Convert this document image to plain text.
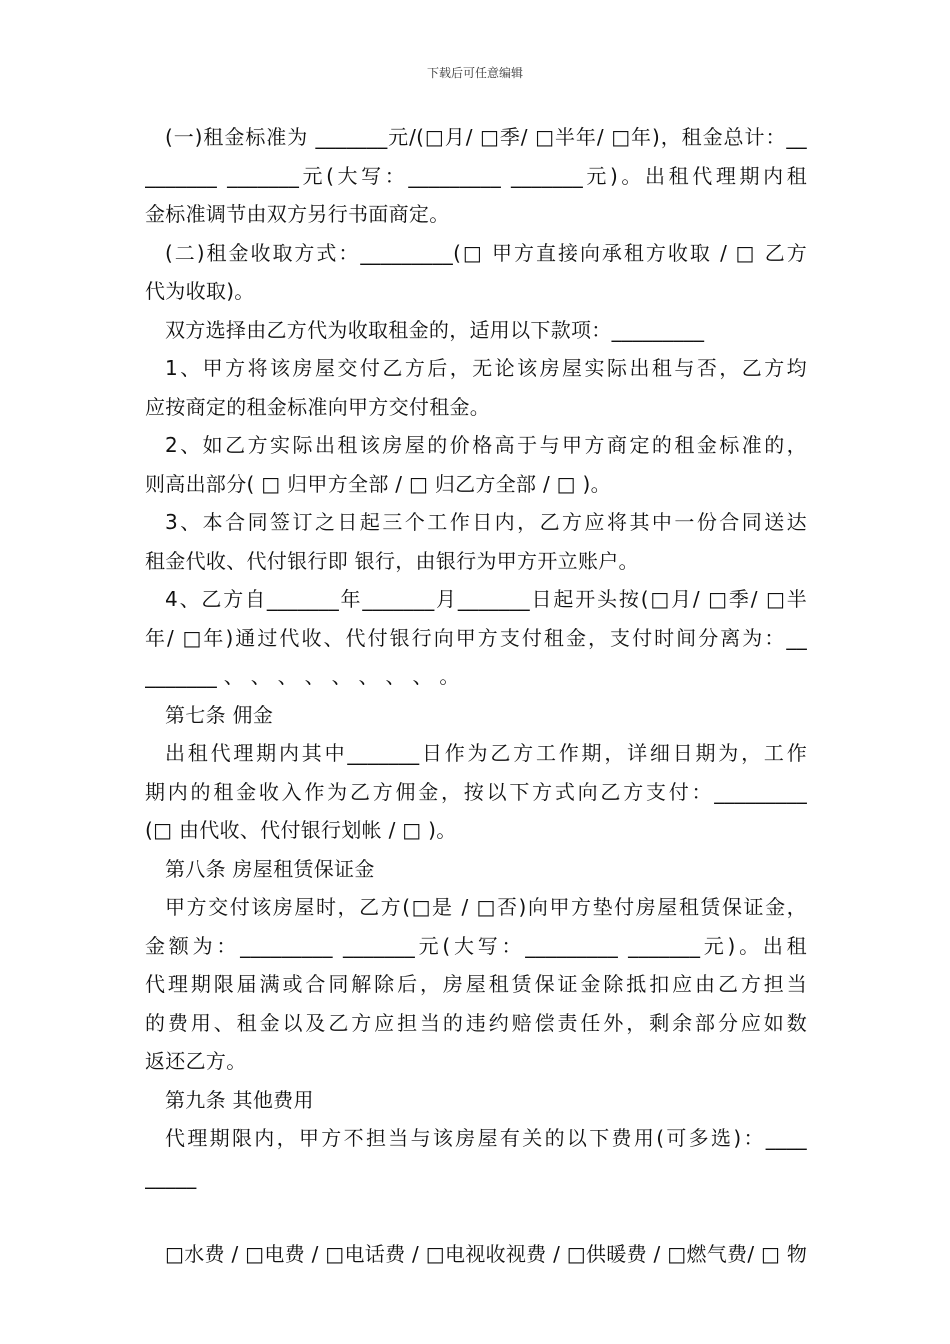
下载后可任意编辑
(一)租金标准为 _______元/(□月/ □季/ □半年/ □年)，租金总计：__
_______ _______元(大写：_________ _______元)。出租代理期内租
金标准调节由双方另行书面商定。
(二)租金收取方式：_________(□ 甲方直接向承租方收取 / □ 乙方
代为收取)。
双方选择由乙方代为收取租金的，适用以下款项：_________
1、甲方将该房屋交付乙方后，无论该房屋实际出租与否，乙方均
应按商定的租金标准向甲方交付租金。
2、如乙方实际出租该房屋的价格高于与甲方商定的租金标准的，
则高出部分( □ 归甲方全部 / □ 归乙方全部 / □ )。
3、本合同签订之日起三个工作日内，乙方应将其中一份合同送达
租金代收、代付银行即 银行，由银行为甲方开立账户。
4、乙方自_______年_______月_______日起开头按(□月/ □季/ □半
年/ □年)通过代收、代付银行向甲方支付租金，支付时间分离为：__
_______ 、 、 、 、 、 、 、 、 。
第七条 佣金
出租代理期内其中_______日作为乙方工作期，详细日期为，工作
期内的租金收入作为乙方佣金，按以下方式向乙方支付：_________
(□ 由代收、代付银行划帐 / □ )。
第八条 房屋租赁保证金
甲方交付该房屋时，乙方(□是 / □否)向甲方垫付房屋租赁保证金，
金额为：_________ _______元(大写：_________ _______元)。出租
代理期限届满或合同解除后，房屋租赁保证金除抵扣应由乙方担当
的费用、租金以及乙方应担当的违约赔偿责任外，剩余部分应如数
返还乙方。
第九条 其他费用
代理期限内，甲方不担当与该房屋有关的以下费用(可多选)：____
_____
□水费 / □电费 / □电话费 / □电视收视费 / □供暖费 / □燃气费/ □ 物
